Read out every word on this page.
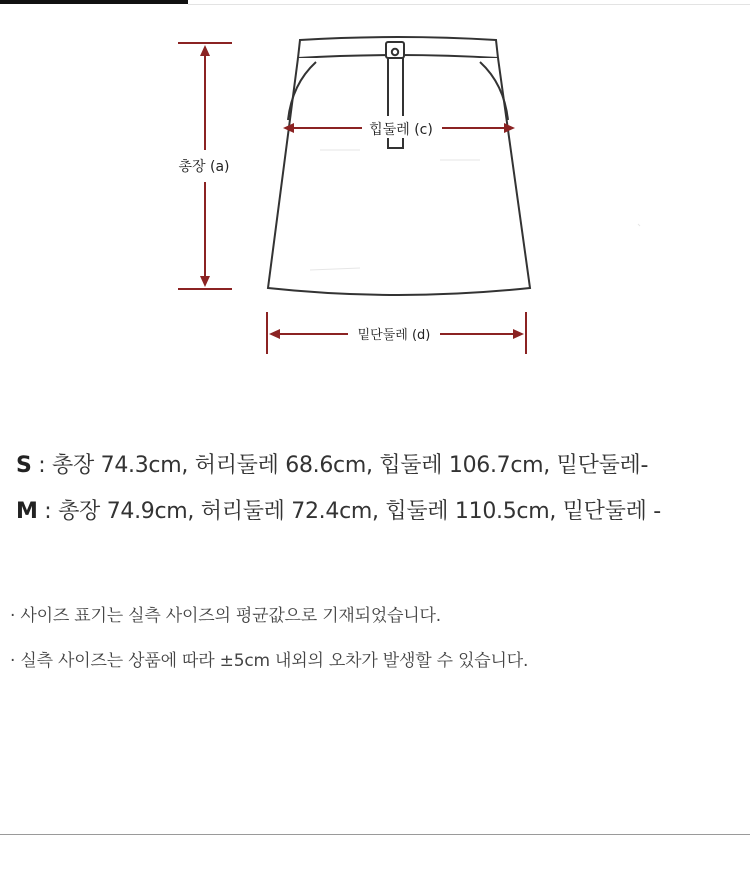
총장 (a)
힙둘레 (c)
밑단둘레 (d)
S : 총장 74.3cm, 허리둘레 68.6cm, 힙둘레 106.7cm, 밑단둘레-
M : 총장 74.9cm, 허리둘레 72.4cm, 힙둘레 110.5cm, 밑단둘레 -
· 사이즈 표기는 실측 사이즈의 평균값으로 기재되었습니다.
· 실측 사이즈는 상품에 따라 ±5cm 내외의 오차가 발생할 수 있습니다.
